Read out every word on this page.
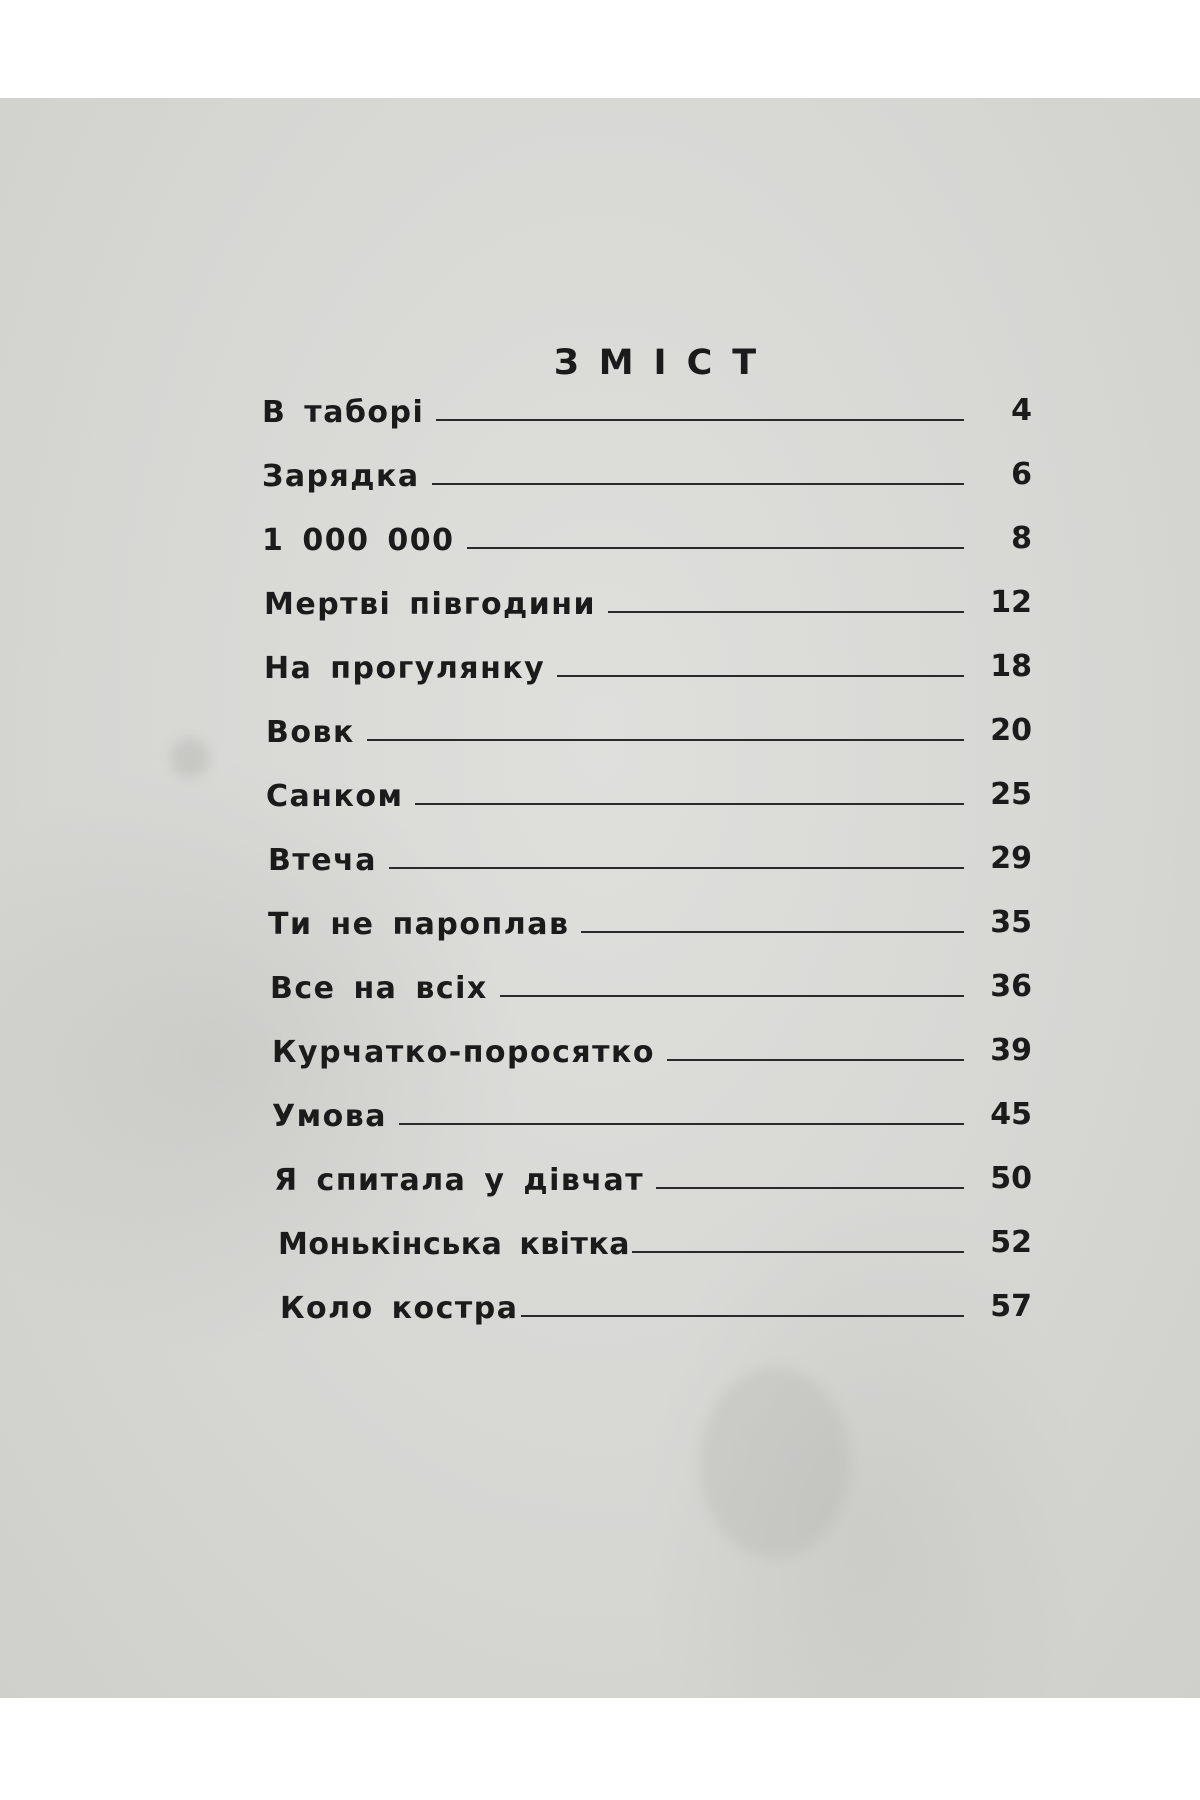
ЗМІСТ
В таборі	4
Зарядка	6
1 000 000	8
Мертві півгодини	12
На прогулянку	18
Вовк	20
Санком	25
Втеча	29
Ти не пароплав	35
Все на всіх	36
Курчатко-поросятко	39
Умова	45
Я спитала у дівчат	50
Монькінська квітка	52
Коло костра	57
